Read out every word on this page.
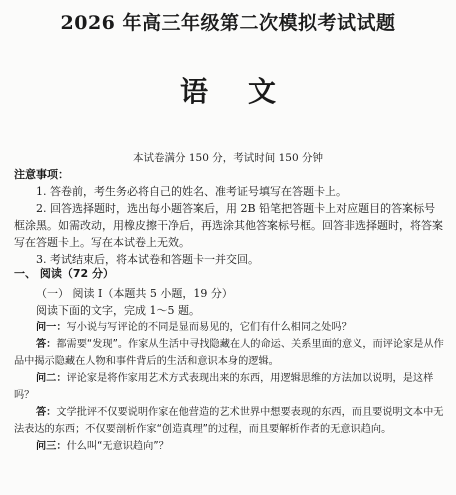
2026 年高三年级第二次模拟考试试题
语 文
本试卷满分 150 分，考试时间 150 分钟

注意事项：

1. 答卷前，考生务必将自己的姓名、准考证号填写在答题卡上。

2. 回答选择题时，选出每小题答案后，用 2B 铅笔把答题卡上对应题目的答案标号框涂黑。如需改动，用橡皮擦干净后，再选涂其他答案标号框。回答非选择题时，将答案写在答题卡上。写在本试卷上无效。

3. 考试结束后，将本试卷和答题卡一并交回。

一、 阅读（72 分）

（一） 阅读 Ⅰ（本题共 5 小题，19 分）

阅读下面的文字，完成 1～5 题。

问一：写小说与写评论的不同是显而易见的，它们有什么相同之处吗？

答：都需要“发现”。作家从生活中寻找隐藏在人的命运、关系里面的意义，而评论家是从作品中揭示隐藏在人物和事件背后的生活和意识本身的逻辑。

问二：评论家是将作家用艺术方式表现出来的东西，用逻辑思维的方法加以说明，是这样吗？

答：文学批评不仅要说明作家在他营造的艺术世界中想要表现的东西，而且要说明文本中无法表达的东西；不仅要剖析作家“创造真理”的过程，而且要解析作者的无意识趋向。

问三：什么叫“无意识趋向”？
